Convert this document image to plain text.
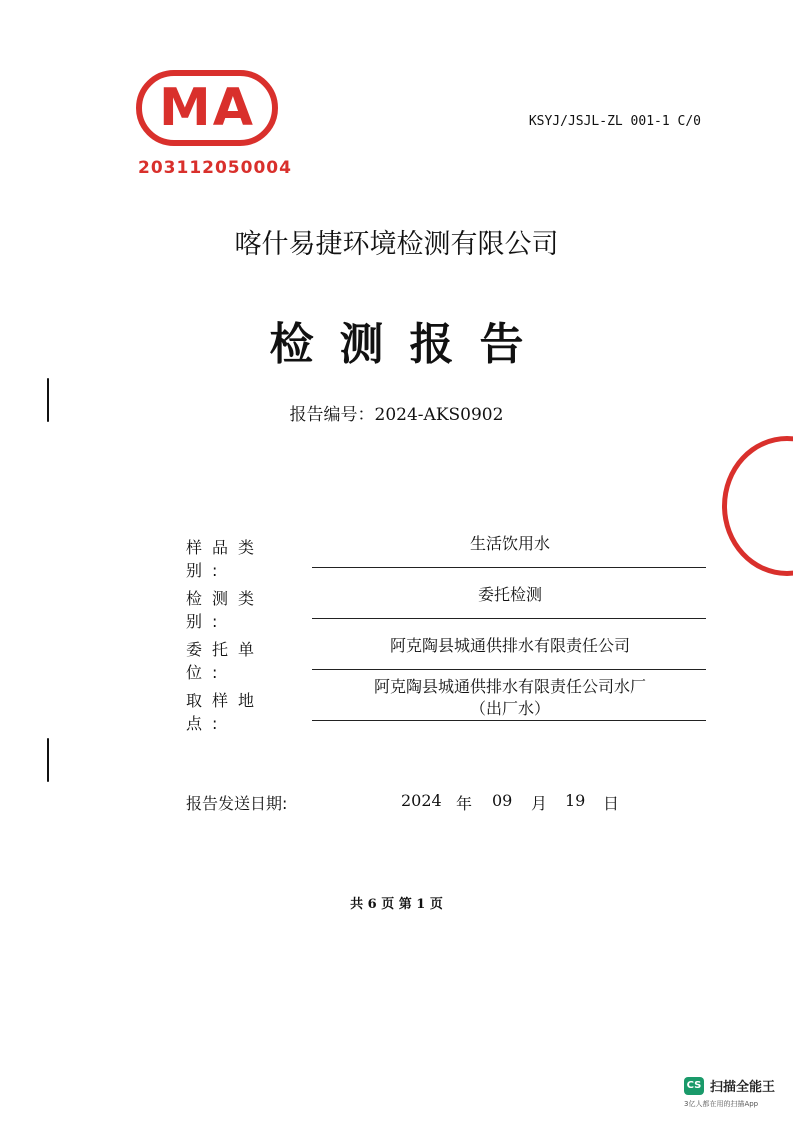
MA
203112050004
KSYJ/JSJL-ZL 001-1 C/0
喀什易捷环境检测有限公司
检测报告
报告编号：2024-AKS0902
样品类别:
生活饮用水
检测类别:
委托检测
委托单位:
阿克陶县城通供排水有限责任公司
取样地点:
阿克陶县城通供排水有限责任公司水厂
（出厂水）
报告发送日期:	2024 年 09 月 19 日
共 6 页 第 1 页
CS 扫描全能王
3亿人都在用的扫描App
